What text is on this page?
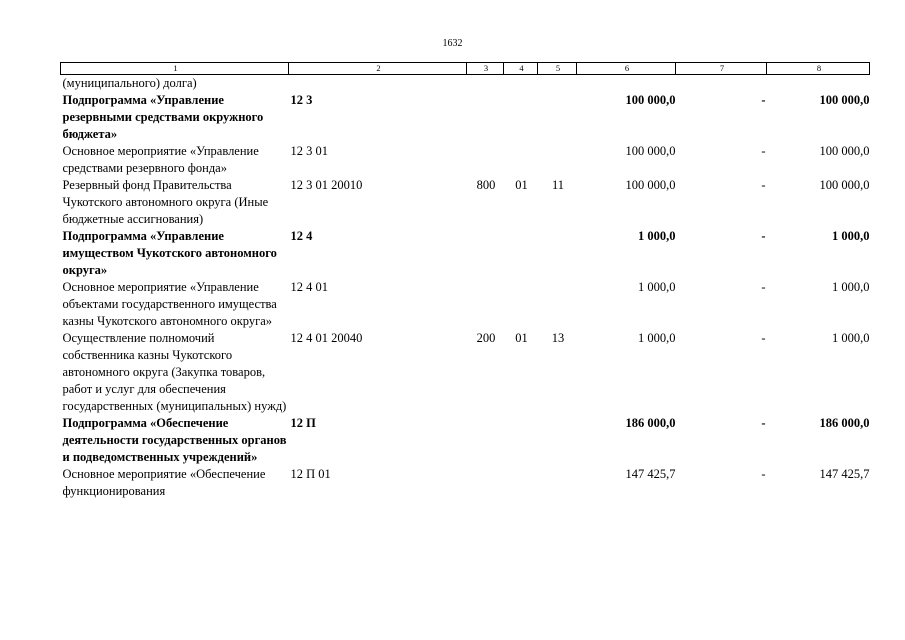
1632
1	2	3	4	5	6	7	8
(муниципального) долга)							
Подпрограмма «Управление резервными средствами окружного бюджета»	12 3				100 000,0	-	100 000,0
Основное мероприятие «Управление средствами резервного фонда»	12 3 01				100 000,0	-	100 000,0
Резервный фонд Правительства Чукотского автономного округа (Иные бюджетные ассигнования)	12 3 01 20010	800	01	11	100 000,0	-	100 000,0
Подпрограмма «Управление имуществом Чукотского автономного округа»	12 4				1 000,0	-	1 000,0
Основное мероприятие «Управление объектами государственного имущества казны Чукотского автономного округа»	12 4 01				1 000,0	-	1 000,0
Осуществление полномочий собственника казны Чукотского автономного округа (Закупка товаров, работ и услуг для обеспечения государственных (муниципальных) нужд)	12 4 01 20040	200	01	13	1 000,0	-	1 000,0
Подпрограмма «Обеспечение деятельности государственных органов и подведомственных учреждений»	12 П				186 000,0	-	186 000,0
Основное мероприятие «Обеспечение функционирования	12 П 01				147 425,7	-	147 425,7
